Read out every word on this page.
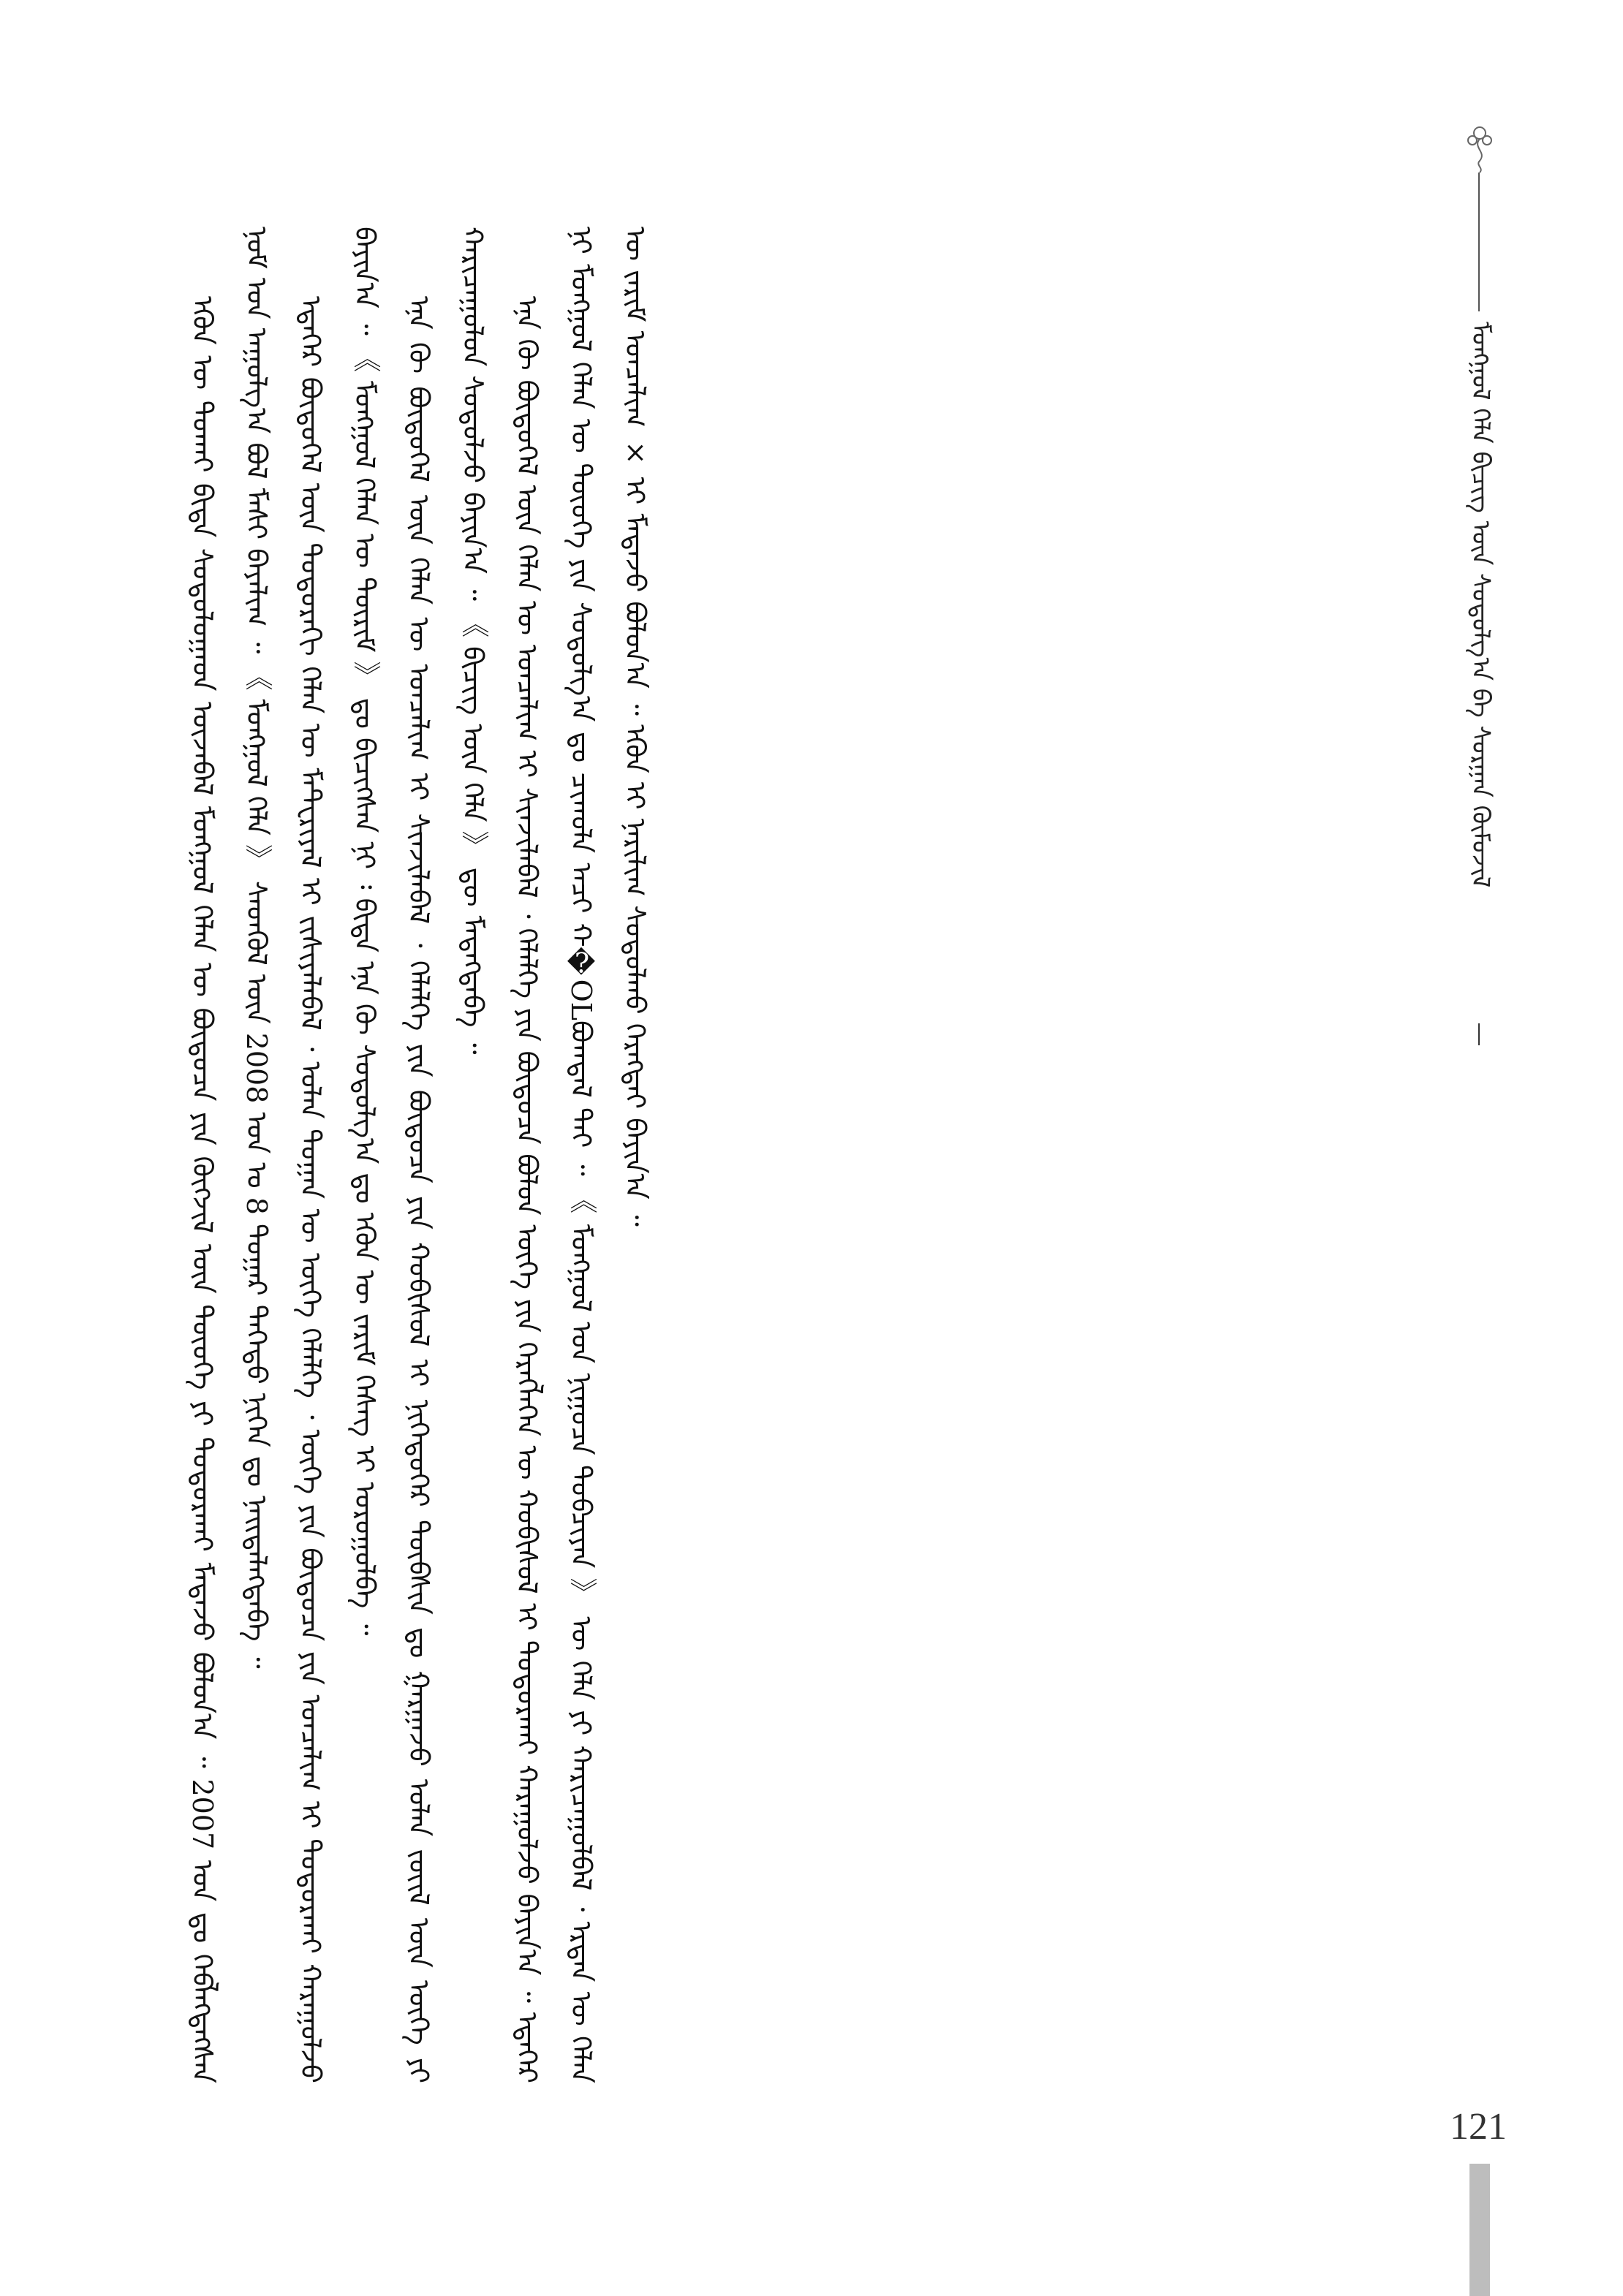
ᠮᠣᠩᠭᠣᠯ ᠬᠡᠯᠡ ᠪᠢᠴᠢᠭ᠌ ᠦᠨ ᠰᠤᠳᠤᠯᠭ᠎ᠠ ᠪᠠ ᠰᠤᠷᠭᠠᠨ ᠬᠦᠮᠦᠵᠢᠯ

ᠡᠭᠦᠨ ᠦ ᠲᠤᠬᠠᠢ ᠪᠢᠳᠡ ᠰᠤᠳᠤᠯᠤᠭᠠᠳ ᠦᠵᠡᠪᠡᠯ ᠮᠣᠩᠭᠣᠯ ᠬᠡᠯᠡᠨ ᠦ ᠪᠦᠲᠦᠴᠡ ᠶᠢᠨ ᠬᠥᠭᠵᠢᠯ ᠦᠨ ᠲᠦᠦᠬᠡ ᠶᠢ ᠲᠤᠳᠤᠷᠬᠠᠢ ᠮᠡᠳᠡᠵᠦ ᠪᠣᠯᠤᠨ᠎ᠠ ᠃ 2007 ᠣᠨ ᠳᠤ ᠬᠡᠪᠯᠡᠭᠳᠡᠭᠰᠡᠨ ᠨᠣᠮ ᠤᠨ ᠠᠭᠤᠯᠭ᠎ᠠ ᠪᠣᠯ ᠮᠠᠰᠢ ᠪᠠᠶᠠᠯᠢᠭ ᠃ 《 ᠮᠣᠩᠭᠣᠯ ᠬᠡᠯᠡ 》 ᠰᠡᠳᠬᠦᠯ ᠦᠨ 2008 ᠣᠨ ᠤ 8 ᠳᠤᠭᠠᠷ ᠳᠡᠭᠡᠳᠦ ᠨᠢᠭᠡᠨ ᠳᠤ ᠨᠡᠢᠲᠡᠯᠡᠭᠳᠡᠪᠡ ᠃ ᠡᠳᠡᠭᠡᠷ ᠪᠦᠲᠦᠭᠡᠯ ᠦᠨ ᠳᠣᠲᠣᠷᠠᠬᠢ ᠬᠡᠯᠡᠨ ᠦ ᠮᠠᠲ᠋ᠸᠷᠢᠶᠠᠯ ᠢ ᠵᠢᠰᠢᠶᠡᠯᠡᠪᠡᠯ ᠂ ᠣᠯᠠᠨ ᠲᠣᠭᠠᠨ ᠦ ᠦᠭᠡ ᠬᠡᠯᠡᠯᠭᠡ ᠂ ᠦᠭᠡ ᠶᠢᠨ ᠪᠦᠲᠦᠴᠡ ᠶᠢᠨ ᠣᠨᠴᠠᠯᠢᠭ ᠢ ᠲᠣᠳᠣᠷᠬᠠᠢ ᠬᠠᠷᠠᠭᠤᠯᠵᠤ ᠪᠠᠶᠢᠨ᠎ᠠ ᠃ 《 ᠮᠣᠩᠭᠣᠯ ᠬᠡᠯᠡᠨ ᠦ ᠳᠦᠷᠢᠮ 》 ᠳᠤ ᠪᠢᠴᠢᠭᠰᠡᠨ ᠨᠢ ᠄ ᠪᠢᠳᠡ ᠡᠨᠡ ᠬᠦ ᠰᠤᠳᠤᠯᠭ᠎ᠠ ᠳᠤ ᠡᠭᠦᠨ ᠦ ᠵᠠᠷᠢᠮ ᠬᠡᠰᠡᠭ ᠢ ᠣᠷᠣᠭᠤᠯᠪᠠ ᠃ ᠡᠨᠡ ᠬᠦ ᠪᠦᠲᠦᠭᠡᠯ ᠦᠨ ᠬᠡᠯᠡᠨ ᠦ ᠣᠨᠴᠠᠯᠢᠭ ᠢ ᠰᠢᠨᠵᠢᠯᠡᠪᠡᠯ ᠂ ᠬᠡᠯᠡᠯᠭᠡ ᠶᠢᠨ ᠪᠦᠲᠦᠴᠡ ᠶᠢᠨ ᠬᠤᠪᠢᠰᠤᠯ ᠢ ᠨᠢᠭᠡᠳᠦᠭᠡᠷ ᠲᠦᠪᠰᠢᠨ ᠳᠤ ᠭᠠᠷᠭᠠᠵᠤ ᠣᠯᠠᠨ ᠵᠦᠢᠯ ᠦᠨ ᠦᠭᠡ ᠶᠢ ᠬᠠᠷᠢᠴᠠᠭᠤᠯᠤᠨ ᠰᠤᠳᠤᠯᠵᠤ ᠪᠠᠶᠢᠨ᠎ᠠ ᠃ 《 ᠪᠢᠴᠢᠭ᠌ ᠦᠨ ᠬᠡᠯᠡ 》 ᠳᠦ ᠮᠡᠳᠡᠭᠳᠡᠪᠡ ᠃ ᠡᠨᠡ ᠬᠦ ᠪᠦᠲᠦᠭᠡᠯ ᠦᠨ ᠬᠡᠯᠡᠨ ᠦ ᠣᠨᠴᠠᠯᠢᠭ ᠢ ᠰᠢᠨᠵᠢᠯᠡᠪᠡᠯ ᠂ ᠬᠡᠯᠡᠯᠭᠡ ᠶᠢᠨ ᠪᠦᠲᠦᠴᠡ ᠪᠣᠯᠤᠨ ᠦᠭᠡ ᠶᠢᠨ ᠬᠡᠷᠡᠭᠯᠡᠭᠡᠨ ᠦ ᠬᠤᠪᠢᠰᠤᠯ ᠢ ᠲᠣᠳᠣᠷᠬᠠᠢ ᠬᠠᠷᠠᠭᠤᠯᠵᠤ ᠪᠠᠶᠢᠨ᠎ᠠ ᠃ ᠡᠳᠡᠭᠡᠷ ᠨᠢ ᠮᠣᠩᠭᠣᠯ ᠬᠡᠯᠡᠨ ᠦ ᠲᠦᠦᠬᠡ ᠶᠢᠨ ᠰᠤᠳᠤᠯᠭ᠎ᠠ ᠳᠤ ᠴᠢᠬᠤᠯᠠ ᠠᠴᠢ ᠬ�OLᠪᠣᠭᠳᠠᠯ ᠲᠠᠢ ᠃ 《 ᠮᠣᠩᠭᠣᠯ ᠤᠨ ᠨᠢᠭᠤᠴᠠ ᠲᠣᠪᠴᠢᠶᠠᠨ 》 ᠦ ᠬᠡᠯᠡ ᠶᠢ ᠬᠠᠷᠢᠴᠠᠭᠤᠯᠪᠠᠯ ᠂ ᠡᠷᠲᠡᠨ ᠦ ᠬᠡᠯᠡᠨ ᠦ ᠵᠠᠷᠢᠮ ᠣᠨᠴᠠᠯᠢᠭ × ᠢ ᠮᠡᠳᠡᠵᠦ ᠪᠣᠯᠤᠨ᠎ᠠ ᠃ ᠡᠭᠦᠨ ᠢ ᠨᠠᠷᠢᠯᠢᠭ ᠰᠤᠳᠤᠯᠬᠤ ᠬᠡᠷᠡᠭᠲᠡᠢ ᠪᠠᠶᠢᠨ᠎ᠠ ᠃

121
